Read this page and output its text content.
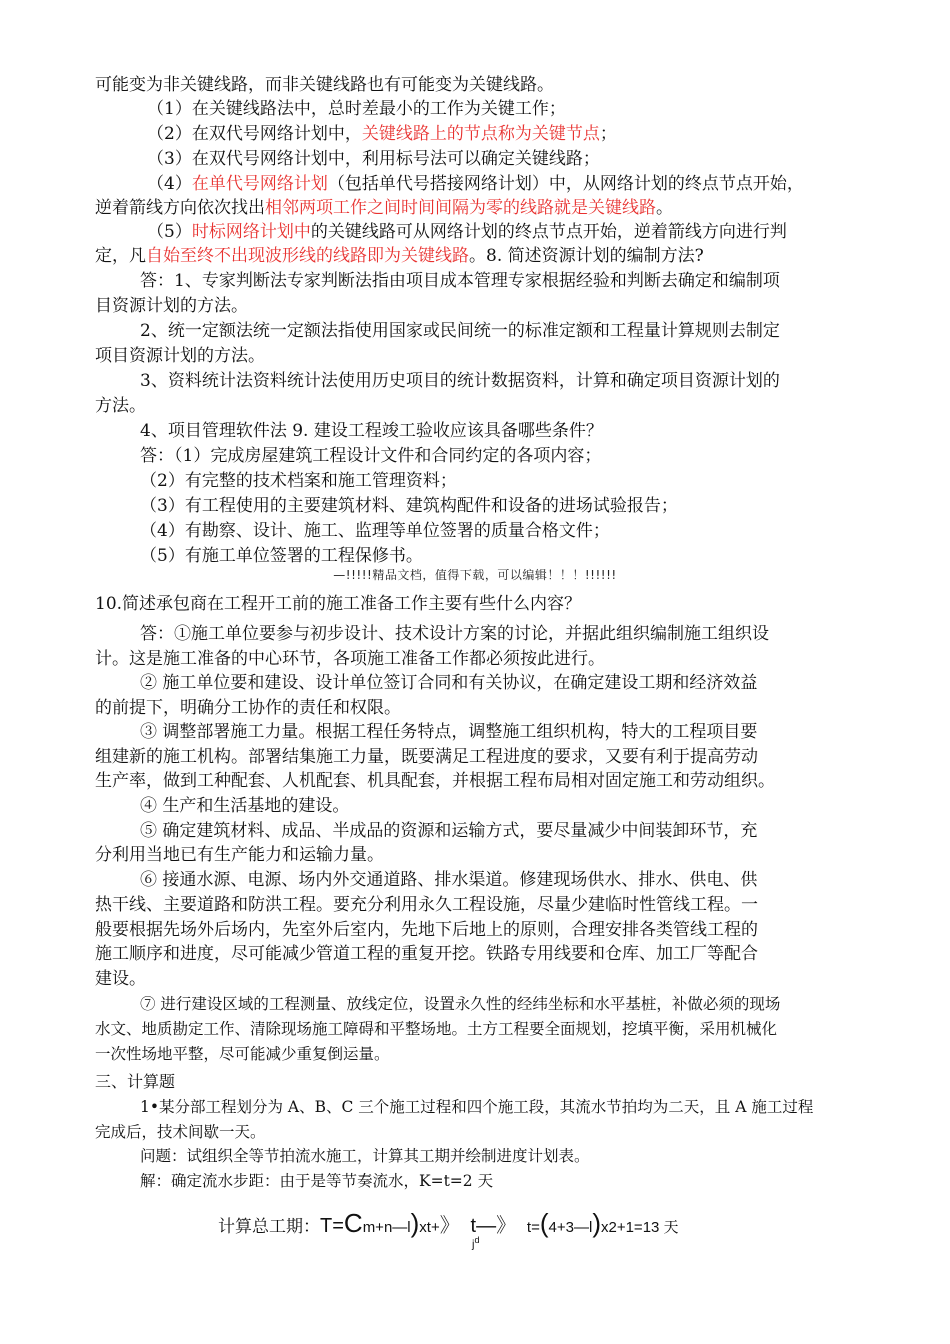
可能变为非关键线路，而非关键线路也有可能变为关键线路。

（1）在关键线路法中，总时差最小的工作为关键工作；

（2）在双代号网络计划中，关键线路上的节点称为关键节点；

（3）在双代号网络计划中，利用标号法可以确定关键线路；

（4）在单代号网络计划（包括单代号搭接网络计划）中，从网络计划的终点节点开始，

逆着箭线方向依次找出相邻两项工作之间时间间隔为零的线路就是关键线路。

（5）时标网络计划中的关键线路可从网络计划的终点节点开始，逆着箭线方向进行判

定，凡自始至终不出现波形线的线路即为关键线路。8. 简述资源计划的编制方法?

答：1、专家判断法专家判断法指由项目成本管理专家根据经验和判断去确定和编制项

目资源计划的方法。

2、统一定额法统一定额法指使用国家或民间统一的标准定额和工程量计算规则去制定

项目资源计划的方法。

3、资料统计法资料统计法使用历史项目的统计数据资料，计算和确定项目资源计划的

方法。

4、项目管理软件法 9. 建设工程竣工验收应该具备哪些条件？

答：（1）完成房屋建筑工程设计文件和合同约定的各项内容；

（2）有完整的技术档案和施工管理资料；

（3）有工程使用的主要建筑材料、建筑构配件和设备的进场试验报告；

（4）有勘察、设计、施工、监理等单位签署的质量合格文件；

（5）有施工单位签署的工程保修书。

—!!!!!精品文档，值得下载，可以编辑！！！!!!!!!

10.简述承包商在工程开工前的施工准备工作主要有些什么内容？

答：①施工单位要参与初步设计、技术设计方案的讨论，并据此组织编制施工组织设

计。这是施工准备的中心环节，各项施工准备工作都必须按此进行。

② 施工单位要和建设、设计单位签订合同和有关协议，在确定建设工期和经济效益

的前提下，明确分工协作的责任和权限。

③ 调整部署施工力量。根据工程任务特点，调整施工组织机构，特大的工程项目要

组建新的施工机构。部署结集施工力量，既要满足工程进度的要求，又要有利于提高劳动

生产率，做到工种配套、人机配套、机具配套，并根据工程布局相对固定施工和劳动组织。

④ 生产和生活基地的建设。

⑤ 确定建筑材料、成品、半成品的资源和运输方式，要尽量减少中间装卸环节，充

分利用当地已有生产能力和运输力量。

⑥ 接通水源、电源、场内外交通道路、排水渠道。修建现场供水、排水、供电、供

热干线、主要道路和防洪工程。要充分利用永久工程设施，尽量少建临时性管线工程。一

般要根据先场外后场内，先室外后室内，先地下后地上的原则，合理安排各类管线工程的

施工顺序和进度，尽可能减少管道工程的重复开挖。铁路专用线要和仓库、加工厂等配合

建设。

⑦ 进行建设区域的工程测量、放线定位，设置永久性的经纬坐标和水平基桩，补做必须的现场

水文、地质勘定工作、清除现场施工障碍和平整场地。土方工程要全面规划，挖填平衡，采用机械化

一次性场地平整，尽可能减少重复倒运量。

三、计算题

1•某分部工程划分为 A、B、C 三个施工过程和四个施工段，其流水节拍均为二天，且 A 施工过程

完成后，技术间歇一天。

问题：试组织全等节拍流水施工，计算其工期并绘制进度计划表。

解：确定流水步距：由于是等节奏流水，K=t=2 天

计算总工期：T=Cm+n—l)xt+》 t—》 t=(4+3—l)x2+1=13 天
$j^d$
